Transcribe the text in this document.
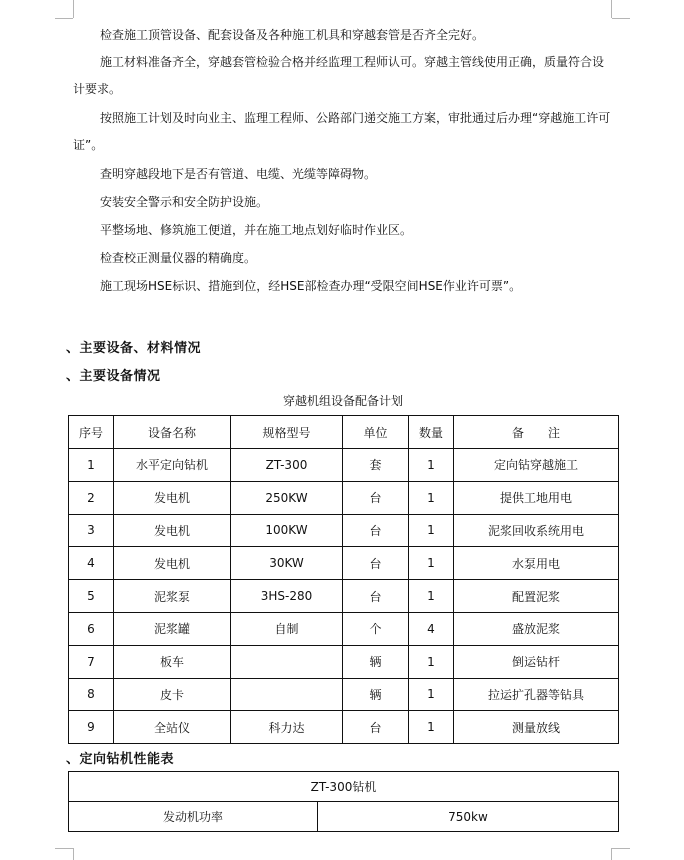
检查施工顶管设备、配套设备及各种施工机具和穿越套管是否齐全完好。

施工材料准备齐全，穿越套管检验合格并经监理工程师认可。穿越主管线使用正确，质量符合设计要求。

按照施工计划及时向业主、监理工程师、公路部门递交施工方案，审批通过后办理“穿越施工许可证”。

查明穿越段地下是否有管道、电缆、光缆等障碍物。

安装安全警示和安全防护设施。

平整场地、修筑施工便道，并在施工地点划好临时作业区。

检查校正测量仪器的精确度。

施工现场HSE标识、措施到位，经HSE部检查办理“受限空间HSE作业许可票”。

、主要设备、材料情况
、主要设备情况
穿越机组设备配备计划
序号	设备名称	规格型号	单位	数量	备　　注
1	水平定向钻机	ZT-300	套	1	定向钻穿越施工
2	发电机	250KW	台	1	提供工地用电
3	发电机	100KW	台	1	泥浆回收系统用电
4	发电机	30KW	台	1	水泵用电
5	泥浆泵	3HS-280	台	1	配置泥浆
6	泥浆罐	自制	个	4	盛放泥浆
7	板车		辆	1	倒运钻杆
8	皮卡		辆	1	拉运扩孔器等钻具
9	全站仪	科力达	台	1	测量放线
、定向钻机性能表
ZT-300钻机
发动机功率	750kw
